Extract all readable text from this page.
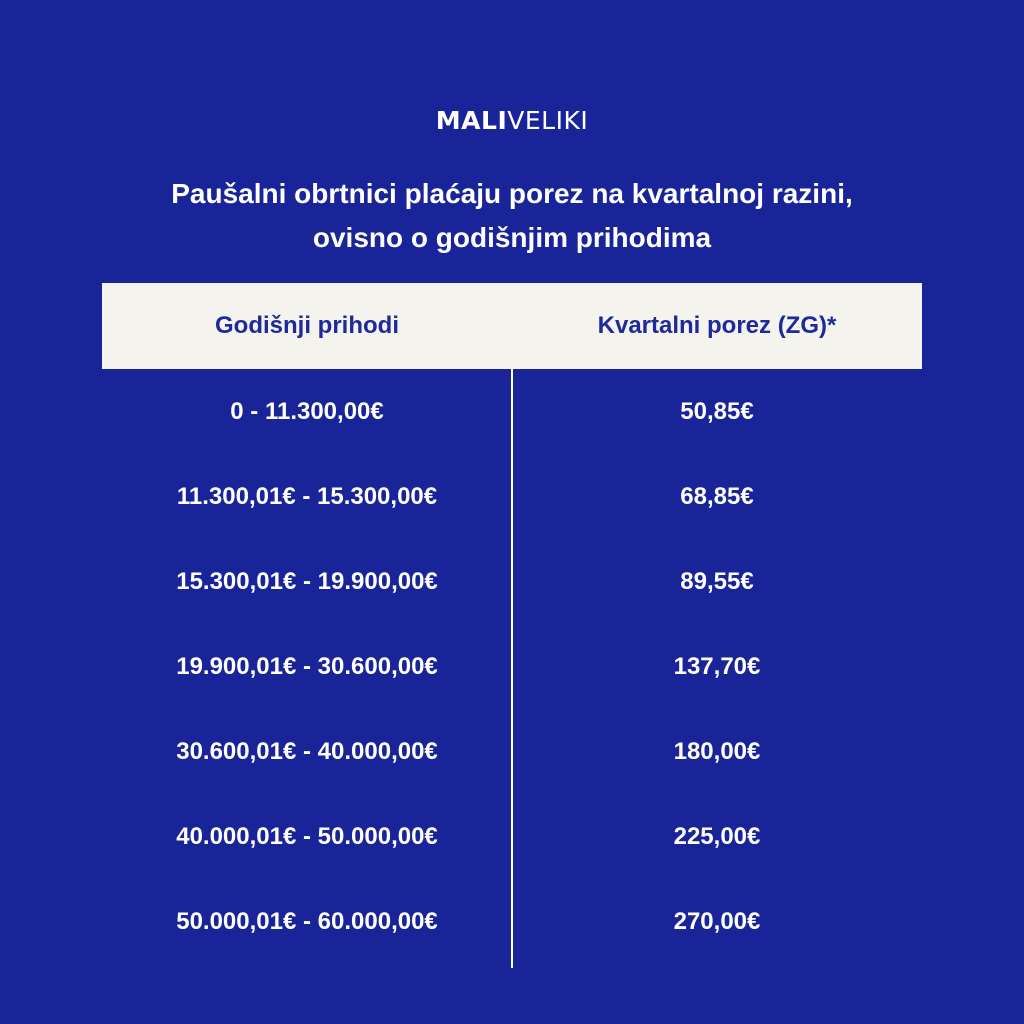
MALIVELIKI
Paušalni obrtnici plaćaju porez na kvartalnoj razini,
ovisno o godišnjim prihodima
Godišnji prihodi	Kvartalni porez (ZG)*
0 - 11.300,00€	50,85€
11.300,01€ - 15.300,00€	68,85€
15.300,01€ - 19.900,00€	89,55€
19.900,01€ - 30.600,00€	137,70€
30.600,01€ - 40.000,00€	180,00€
40.000,01€ - 50.000,00€	225,00€
50.000,01€ - 60.000,00€	270,00€
